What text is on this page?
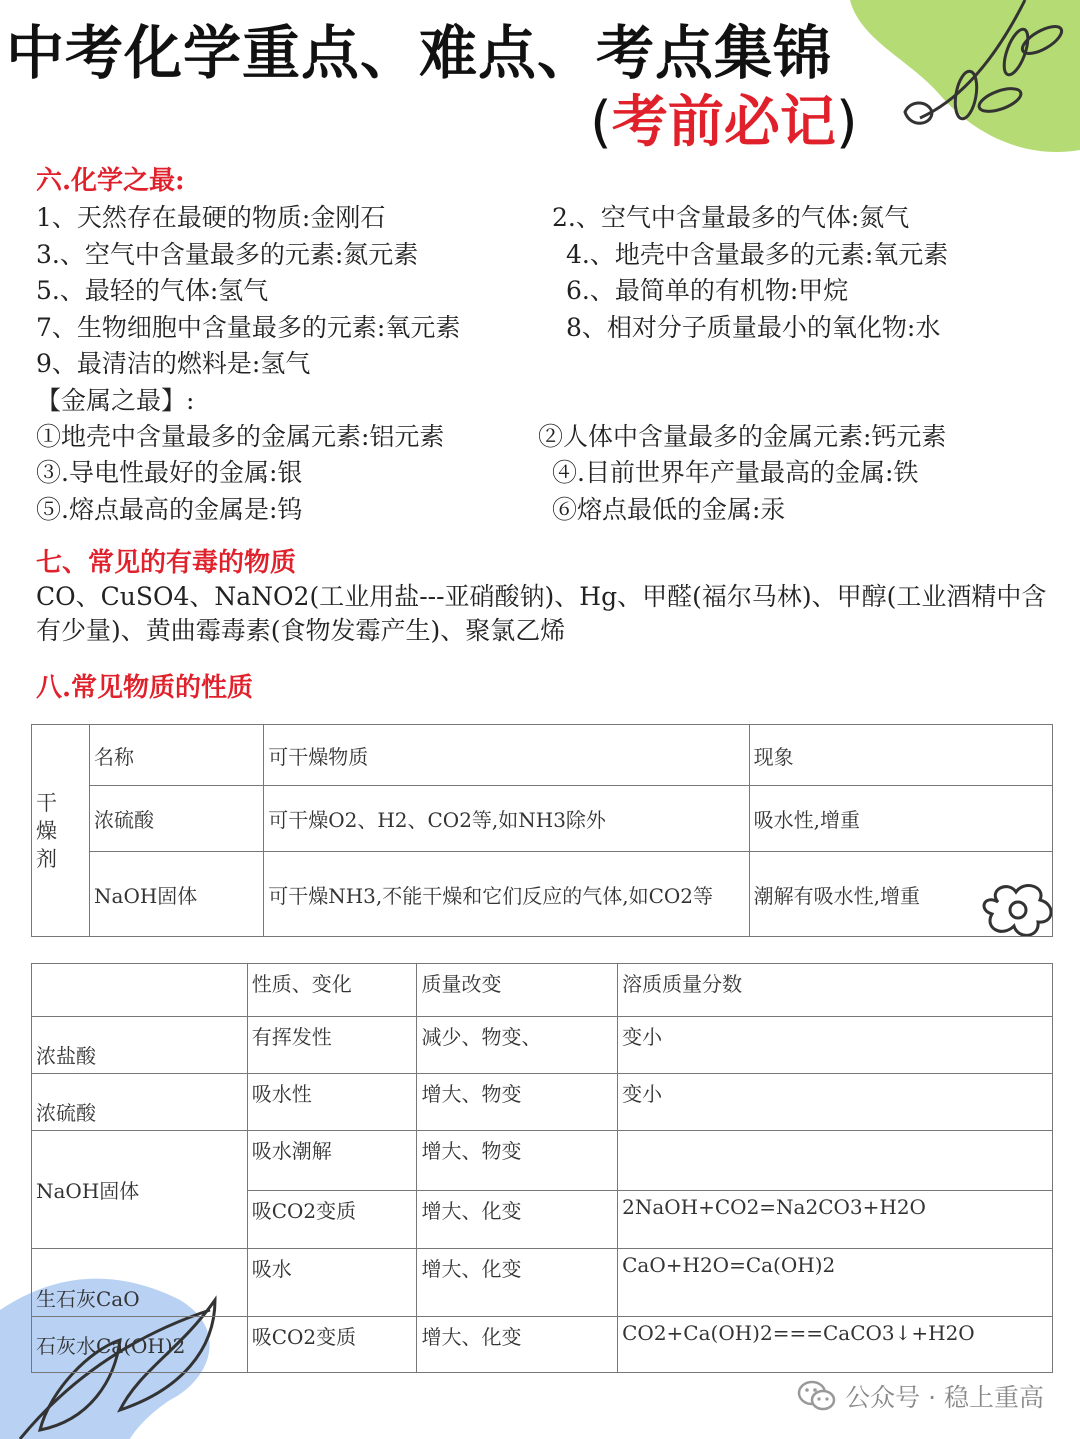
中考化学重点、难点、考点集锦
(考前必记)
六.化学之最:
1、天然存在最硬的物质:金刚石	2.、空气中含量最多的气体:氮气
3.、空气中含量最多的元素:氮元素	4.、地壳中含量最多的元素:氧元素
5.、最轻的气体:氢气	6.、最简单的有机物:甲烷
7、生物细胞中含量最多的元素:氧元素	8、相对分子质量最小的氧化物:水
9、最清洁的燃料是:氢气
【金属之最】:
①地壳中含量最多的金属元素:铝元素	②人体中含量最多的金属元素:钙元素
③.导电性最好的金属:银	④.目前世界年产量最高的金属:铁
⑤.熔点最高的金属是:钨	⑥熔点最低的金属:汞
七、常见的有毒的物质
CO、CuSO4、NaNO2(工业用盐---亚硝酸钠)、Hg、甲醛(福尔马林)、甲醇(工业酒精中含有少量)、黄曲霉毒素(食物发霉产生)、聚氯乙烯
八.常见物质的性质
干
燥
剂	名称	可干燥物质	现象
	浓硫酸	可干燥O2、H2、CO2等,如NH3除外	吸水性,增重
	NaOH固体	可干燥NH3,不能干燥和它们反应的气体,如CO2等	潮解有吸水性,增重
	性质、变化	质量改变	溶质质量分数
浓盐酸	有挥发性	减少、物变、	变小
浓硫酸	吸水性	增大、物变	变小
NaOH固体	吸水潮解	增大、物变	
	吸CO2变质	增大、化变	2NaOH+CO2=Na2CO3+H2O
生石灰CaO	吸水	增大、化变	CaO+H2O=Ca(OH)2
石灰水Ca(OH)2	吸CO2变质	增大、化变	CO2+Ca(OH)2===CaCO3↓+H2O
公众号 · 稳上重高
